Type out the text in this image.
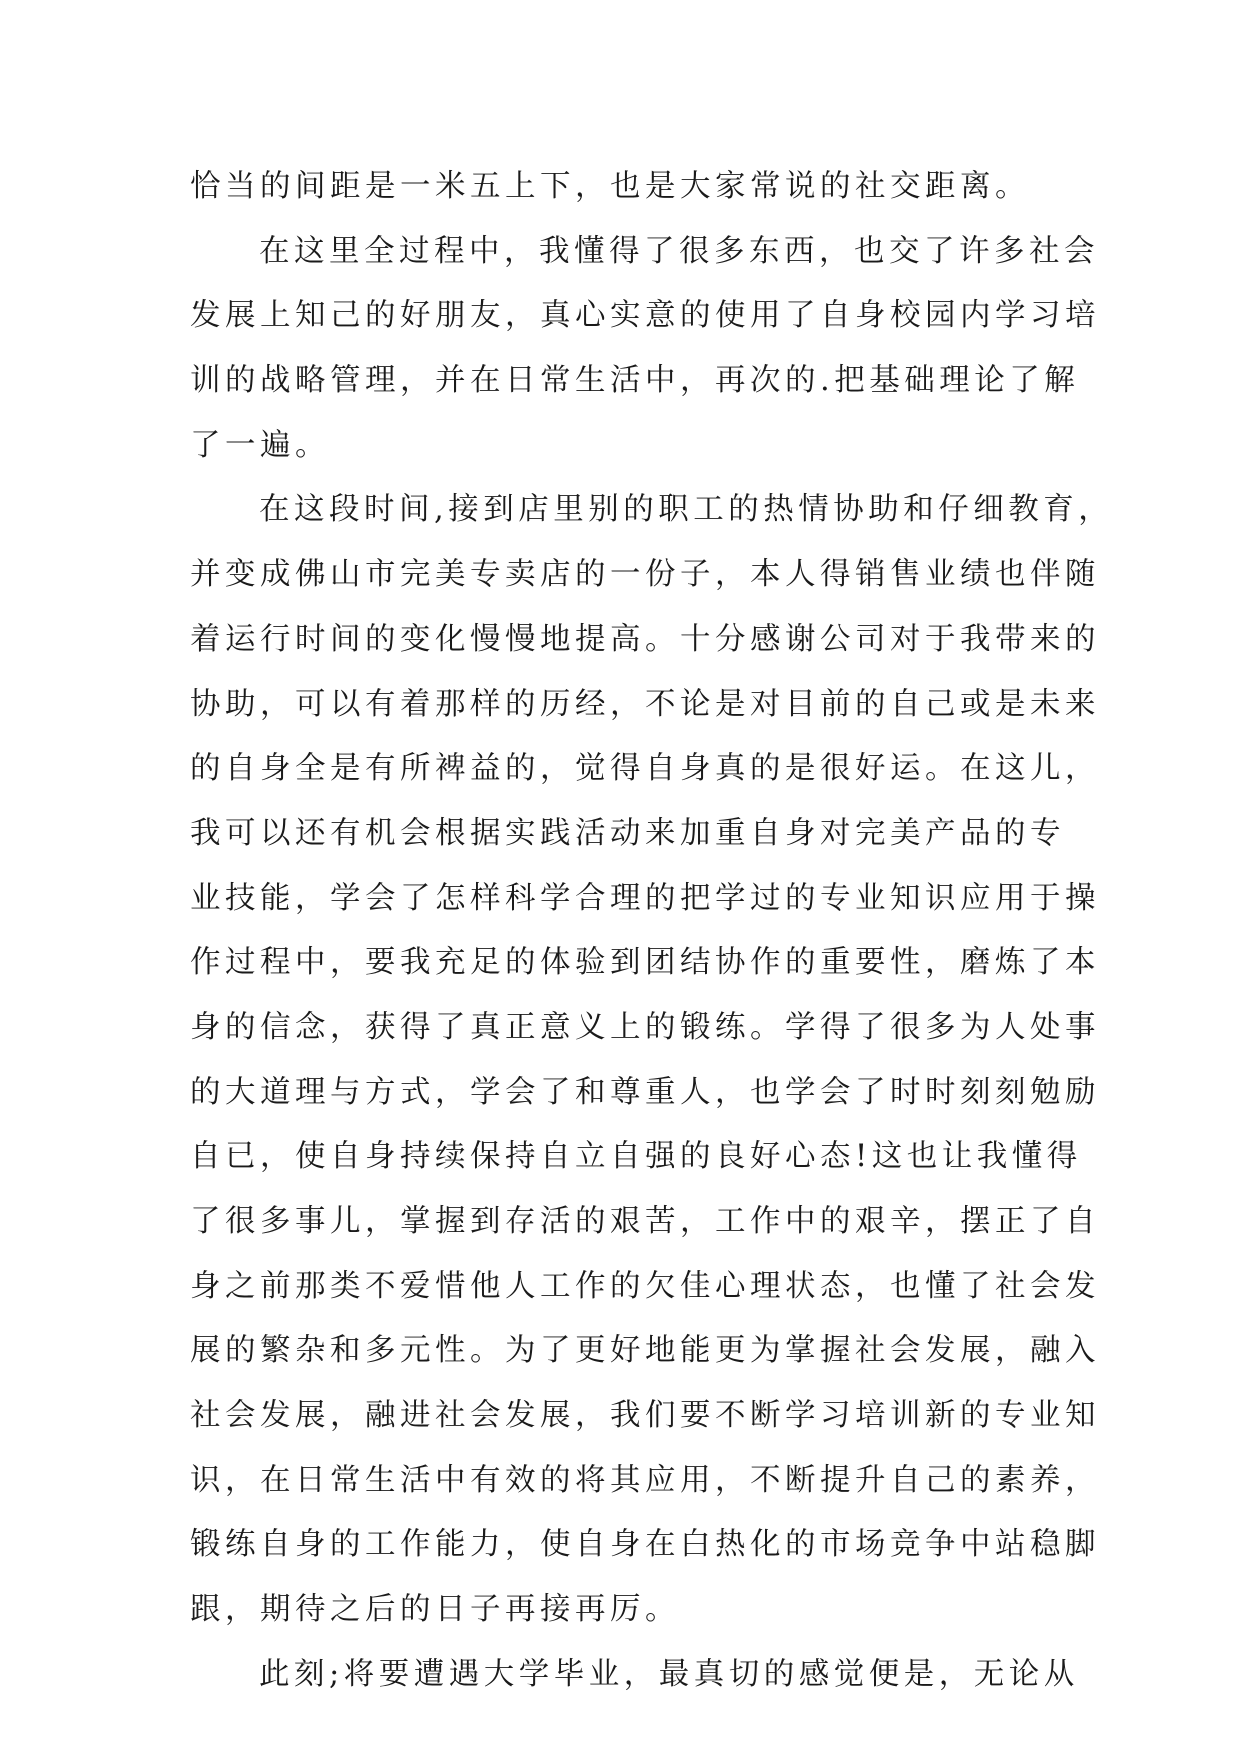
恰当的间距是一米五上下，也是大家常说的社交距离。
在这里全过程中，我懂得了很多东西，也交了许多社会
发展上知己的好朋友，真心实意的使用了自身校园内学习培
训的战略管理，并在日常生活中，再次的.把基础理论了解
了一遍。
在这段时间,接到店里别的职工的热情协助和仔细教育，
并变成佛山市完美专卖店的一份子，本人得销售业绩也伴随
着运行时间的变化慢慢地提高。十分感谢公司对于我带来的
协助，可以有着那样的历经，不论是对目前的自己或是未来
的自身全是有所裨益的，觉得自身真的是很好运。在这儿，
我可以还有机会根据实践活动来加重自身对完美产品的专
业技能，学会了怎样科学合理的把学过的专业知识应用于操
作过程中，要我充足的体验到团结协作的重要性，磨炼了本
身的信念，获得了真正意义上的锻练。学得了很多为人处事
的大道理与方式，学会了和尊重人，也学会了时时刻刻勉励
自已，使自身持续保持自立自强的良好心态!这也让我懂得
了很多事儿，掌握到存活的艰苦，工作中的艰辛，摆正了自
身之前那类不爱惜他人工作的欠佳心理状态，也懂了社会发
展的繁杂和多元性。为了更好地能更为掌握社会发展，融入
社会发展，融进社会发展，我们要不断学习培训新的专业知
识，在日常生活中有效的将其应用，不断提升自己的素养，
锻练自身的工作能力，使自身在白热化的市场竞争中站稳脚
跟，期待之后的日子再接再厉。
此刻;将要遭遇大学毕业，最真切的感觉便是，无论从
